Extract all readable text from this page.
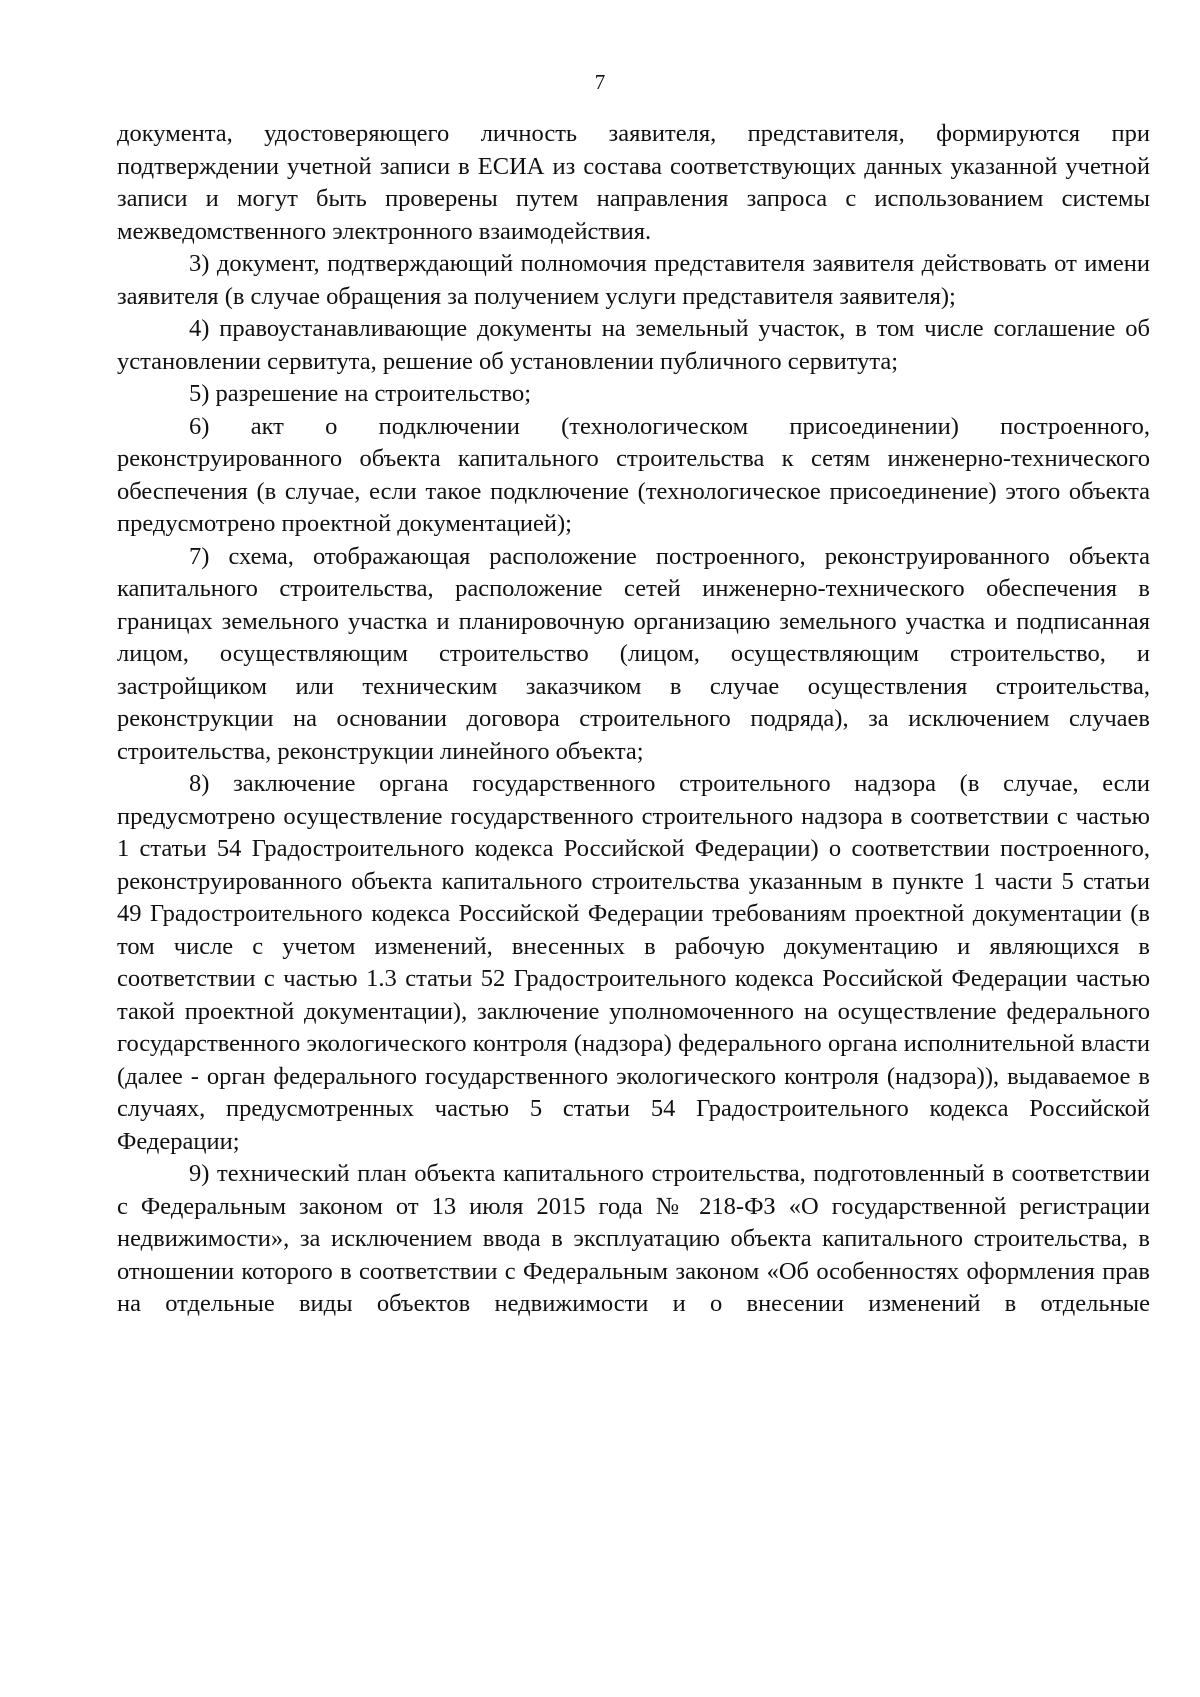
7

документа, удостоверяющего личность заявителя, представителя, формируются при подтверждении учетной записи в ЕСИА из состава соответствующих данных указанной учетной записи и могут быть проверены путем направления запроса с использованием системы межведомственного электронного взаимодействия.

3) документ, подтверждающий полномочия представителя заявителя действовать от имени заявителя (в случае обращения за получением услуги представителя заявителя);

4) правоустанавливающие документы на земельный участок, в том числе соглашение об установлении сервитута, решение об установлении публичного сервитута;

5) разрешение на строительство;

6) акт о подключении (технологическом присоединении) построенного, реконструированного объекта капитального строительства к сетям инженерно-технического обеспечения (в случае, если такое подключение (технологическое присоединение) этого объекта предусмотрено проектной документацией);

7) схема, отображающая расположение построенного, реконструированного объекта капитального строительства, расположение сетей инженерно-технического обеспечения в границах земельного участка и планировочную организацию земельного участка и подписанная лицом, осуществляющим строительство (лицом, осуществляющим строительство, и застройщиком или техническим заказчиком в случае осуществления строительства, реконструкции на основании договора строительного подряда), за исключением случаев строительства, реконструкции линейного объекта;

8) заключение органа государственного строительного надзора (в случае, если предусмотрено осуществление государственного строительного надзора в соответствии с частью 1 статьи 54 Градостроительного кодекса Российской Федерации) о соответствии построенного, реконструированного объекта капитального строительства указанным в пункте 1 части 5 статьи 49 Градостроительного кодекса Российской Федерации требованиям проектной документации (в том числе с учетом изменений, внесенных в рабочую документацию и являющихся в соответствии с частью 1.3 статьи 52 Градостроительного кодекса Российской Федерации частью такой проектной документации), заключение уполномоченного на осуществление федерального государственного экологического контроля (надзора) федерального органа исполнительной власти (далее - орган федерального государственного экологического контроля (надзора)), выдаваемое в случаях, предусмотренных частью 5 статьи 54 Градостроительного кодекса Российской Федерации;

9) технический план объекта капитального строительства, подготовленный в соответствии с Федеральным законом от 13 июля 2015 года № 218-ФЗ «О государственной регистрации недвижимости», за исключением ввода в эксплуатацию объекта капитального строительства, в отношении которого в соответствии с Федеральным законом «Об особенностях оформления прав на отдельные виды объектов недвижимости и о внесении изменений в отдельные
